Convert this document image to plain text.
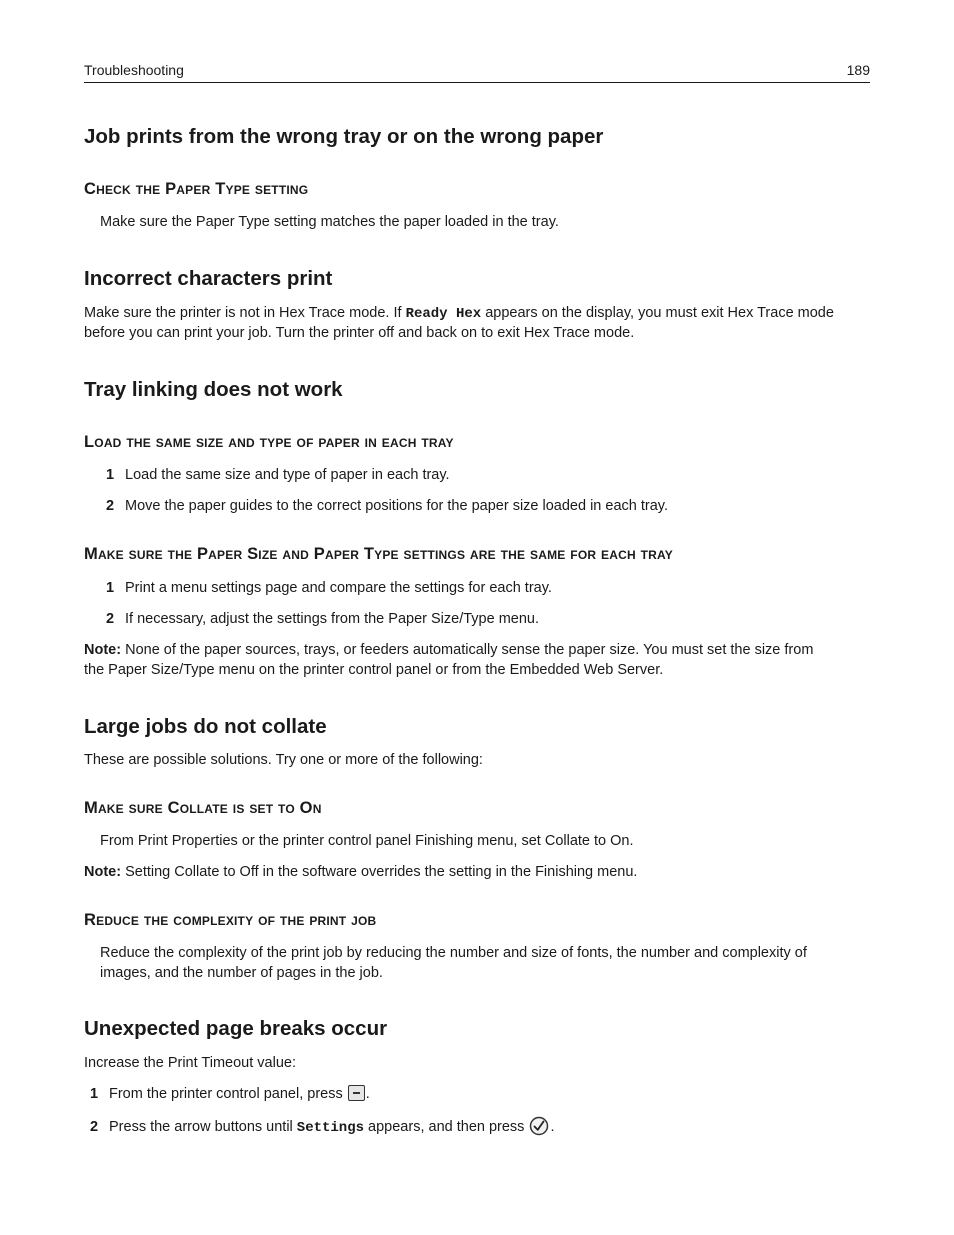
Troubleshooting	189
Job prints from the wrong tray or on the wrong paper
Check the Paper Type setting

Make sure the Paper Type setting matches the paper loaded in the tray.

Incorrect characters print

Make sure the printer is not in Hex Trace mode. If Ready Hex appears on the display, you must exit Hex Trace mode

before you can print your job. Turn the printer off and back on to exit Hex Trace mode.

Tray linking does not work
Load the same size and type of paper in each tray

1 Load the same size and type of paper in each tray.

2 Move the paper guides to the correct positions for the paper size loaded in each tray.

Make sure the Paper Size and Paper Type settings are the same for each tray

1 Print a menu settings page and compare the settings for each tray.

2 If necessary, adjust the settings from the Paper Size/Type menu.

Note: None of the paper sources, trays, or feeders automatically sense the paper size. You must set the size from

the Paper Size/Type menu on the printer control panel or from the Embedded Web Server.

Large jobs do not collate

These are possible solutions. Try one or more of the following:

Make sure Collate is set to On

From Print Properties or the printer control panel Finishing menu, set Collate to On.

Note: Setting Collate to Off in the software overrides the setting in the Finishing menu.

Reduce the complexity of the print job

Reduce the complexity of the print job by reducing the number and size of fonts, the number and complexity of

images, and the number of pages in the job.

Unexpected page breaks occur

Increase the Print Timeout value:

1 From the printer control panel, press .

2 Press the arrow buttons until Settings appears, and then press .
